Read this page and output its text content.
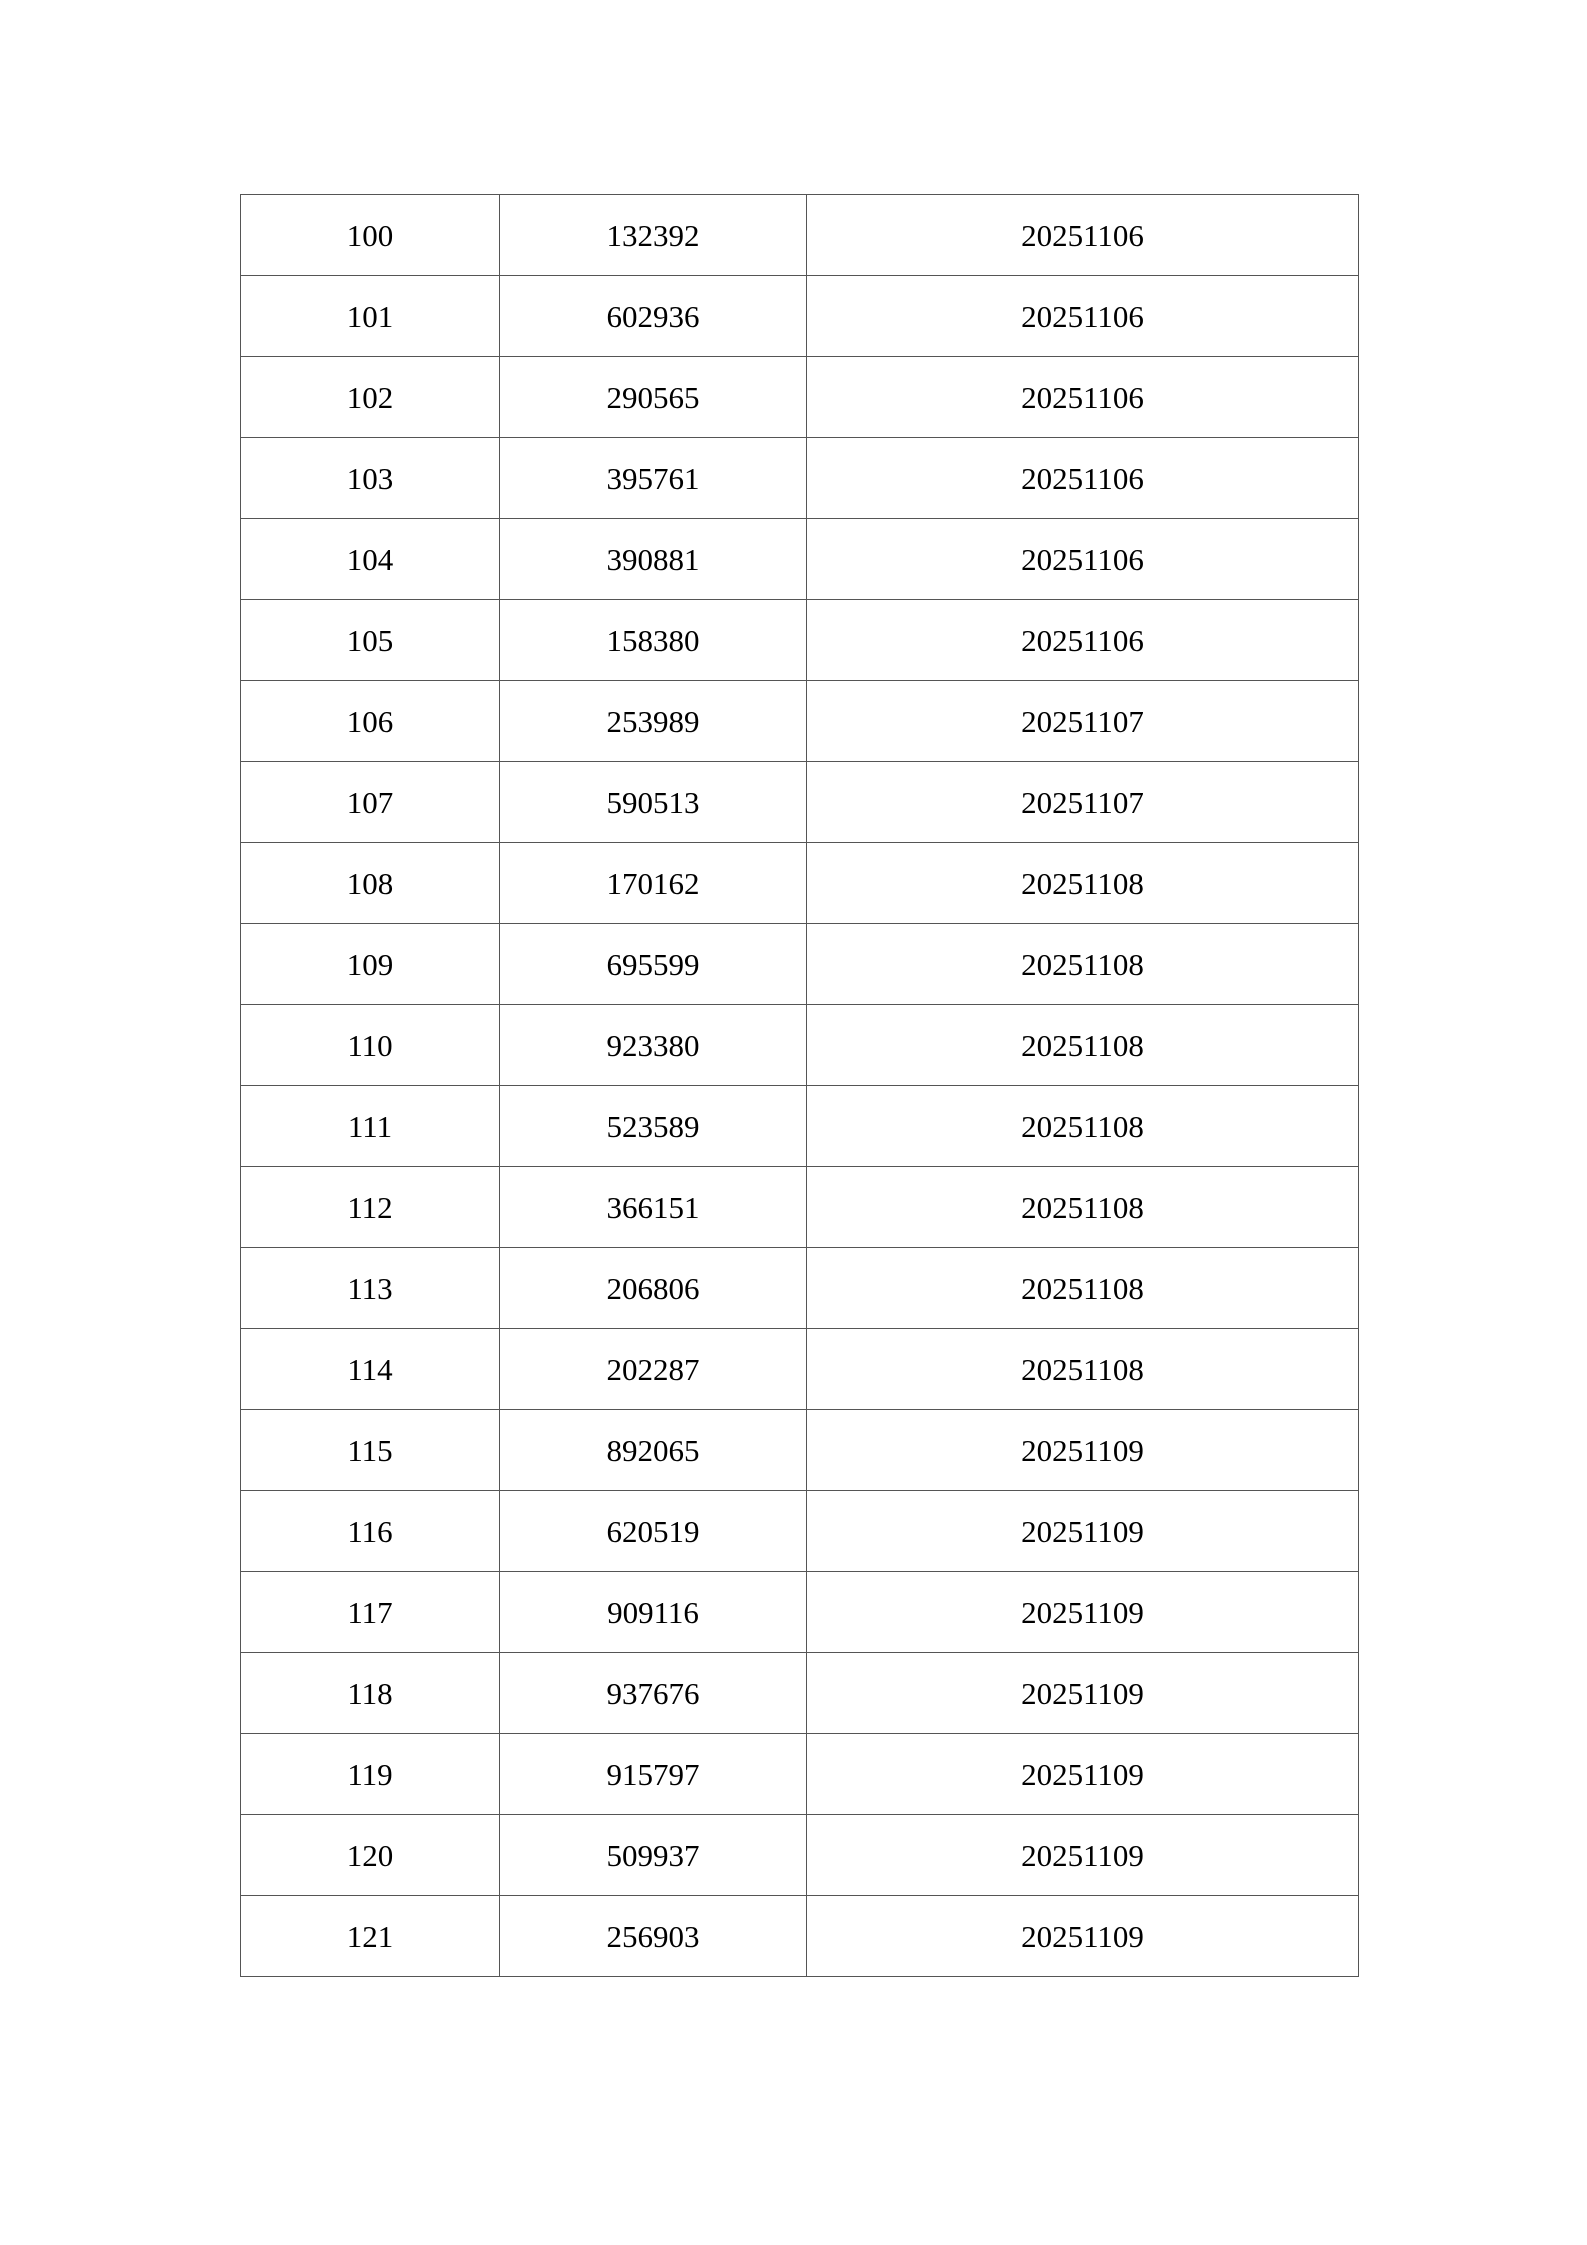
100	132392	20251106
101	602936	20251106
102	290565	20251106
103	395761	20251106
104	390881	20251106
105	158380	20251106
106	253989	20251107
107	590513	20251107
108	170162	20251108
109	695599	20251108
110	923380	20251108
111	523589	20251108
112	366151	20251108
113	206806	20251108
114	202287	20251108
115	892065	20251109
116	620519	20251109
117	909116	20251109
118	937676	20251109
119	915797	20251109
120	509937	20251109
121	256903	20251109
